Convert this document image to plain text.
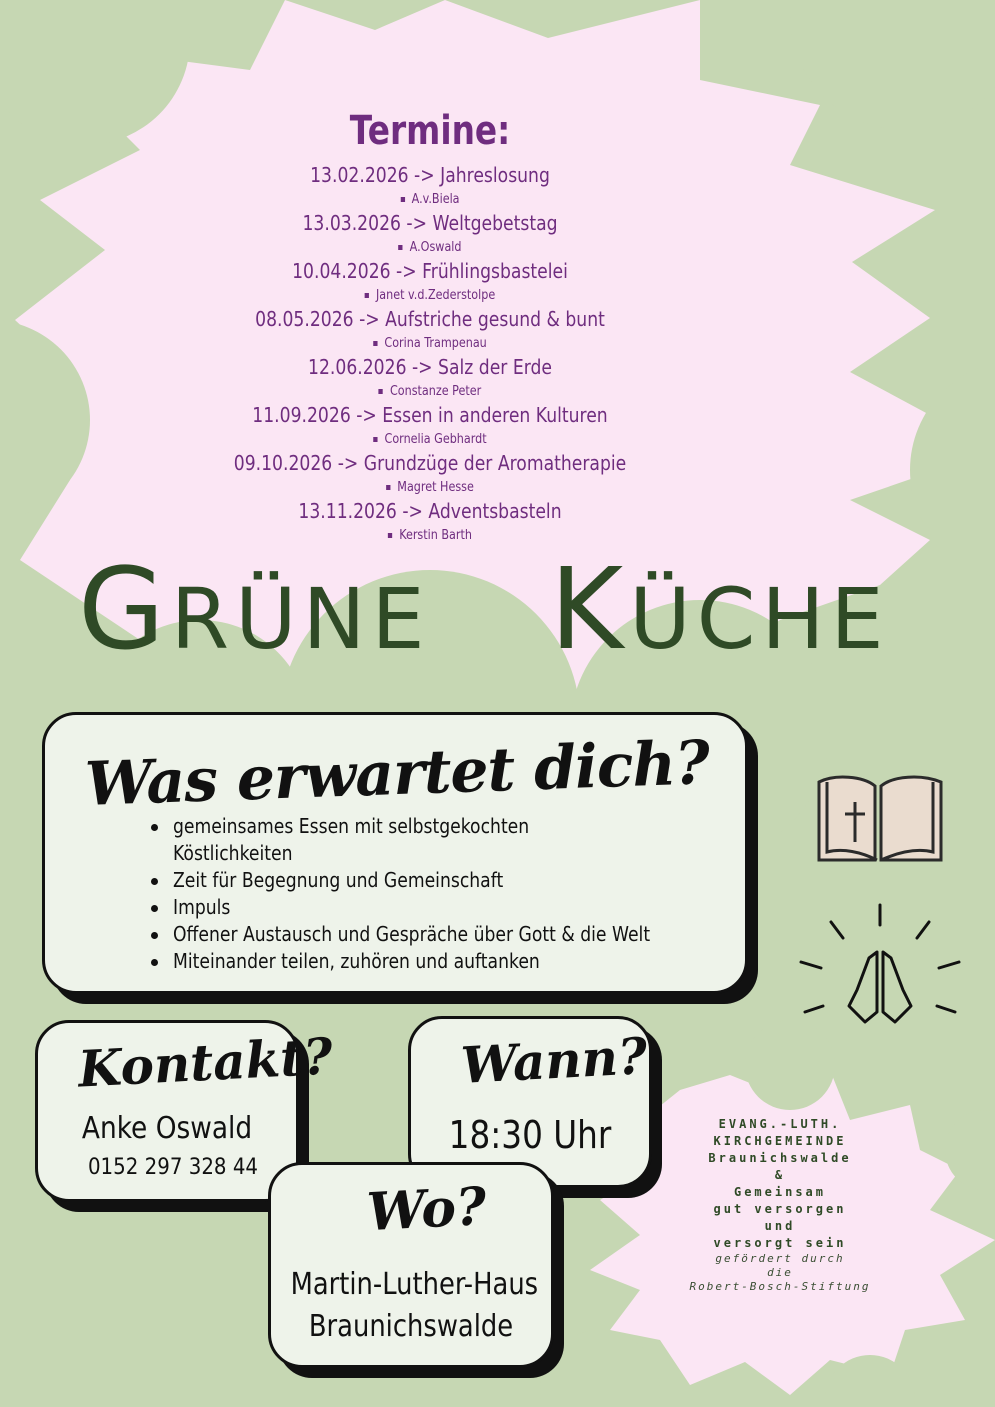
Termine:
13.02.2026 -> Jahreslosung
A.v.Biela
13.03.2026 -> Weltgebetstag
A.Oswald
10.04.2026 -> Frühlingsbastelei
Janet v.d.Zederstolpe
08.05.2026 -> Aufstriche gesund & bunt
Corina Trampenau
12.06.2026 -> Salz der Erde
Constanze Peter
11.09.2026 -> Essen in anderen Kulturen
Cornelia Gebhardt
09.10.2026 -> Grundzüge der Aromatherapie
Magret Hesse
13.11.2026 -> Adventsbasteln
Kerstin Barth
GRÜNE KÜCHE
Was erwartet dich?
gemeinsames Essen mit selbstgekochten
Köstlichkeiten
Zeit für Begegnung und Gemeinschaft
Impuls
Offener Austausch und Gespräche über Gott & die Welt
Miteinander teilen, zuhören und auftanken
Kontakt?
Anke Oswald
0152 297 328 44
Wann?
18:30 Uhr
Wo?
Martin-Luther-Haus
Braunichswalde
EVANG.-LUTH.
KIRCHGEMEINDE
Braunichswalde
&
Gemeinsam
gut versorgen
und
versorgt sein
gefördert durch
die
Robert-Bosch-Stiftung
